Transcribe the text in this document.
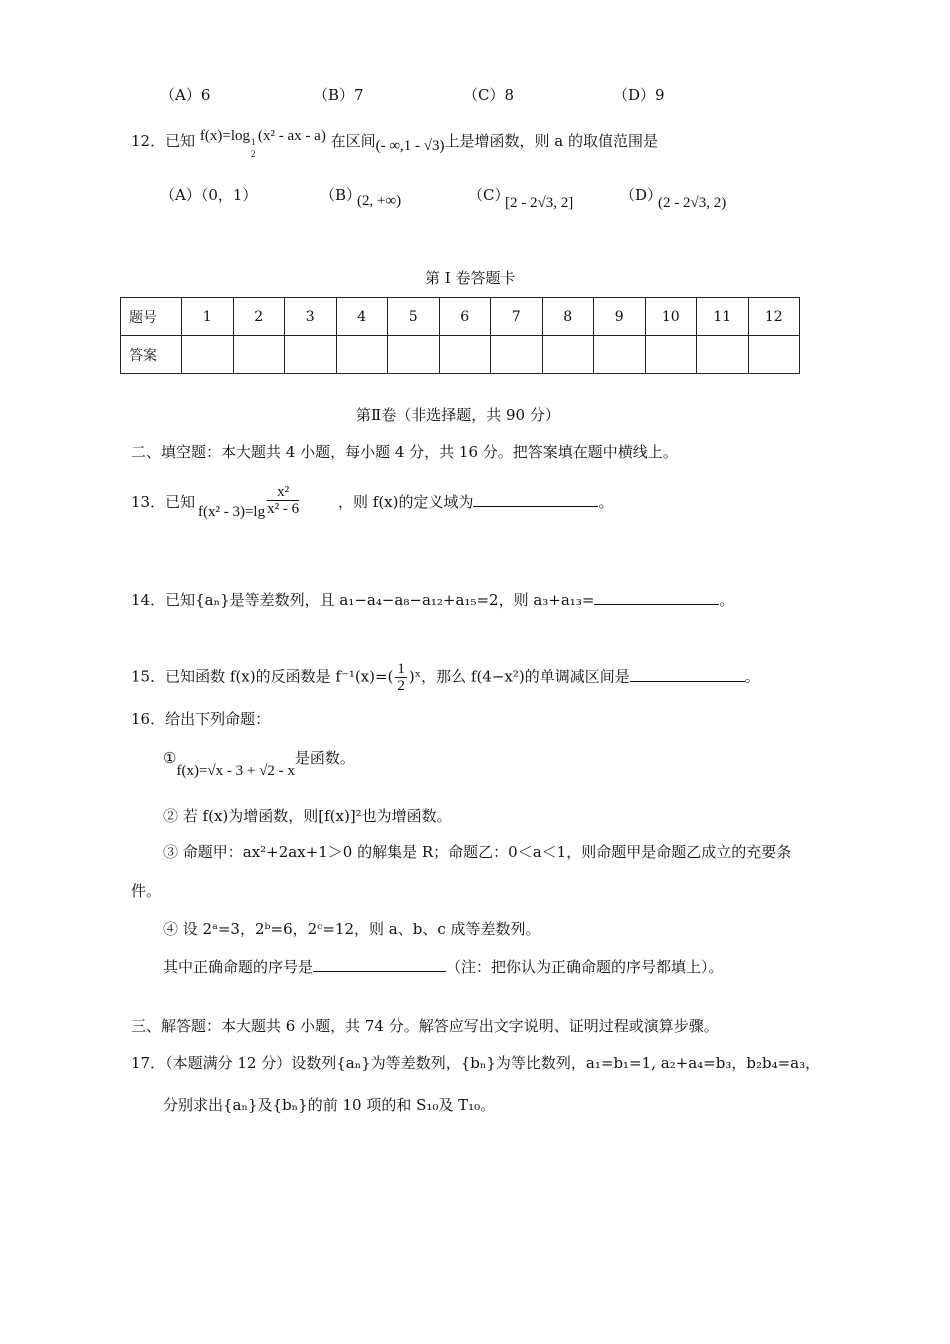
（A）6	（B）7	（C）8	（D）9
12．已知 f(x)=log 1
2
(x² - ax - a) 在区间(- ∞,1 - √3)上是增函数，则 a 的取值范围是
（A）（0，1）	（B）
(2, +∞)	（C）
[2 - 2√3, 2]	（D）
(2 - 2√3, 2)
第 I 卷答题卡
题号	1	2	3	4	5	6	7	8	9	10	11	12
答案												
第Ⅱ卷（非选择题，共 90 分）
二、填空题：本大题共 4 小题，每小题 4 分，共 16 分。把答案填在题中横线上。
13．已知
$f(x^2 - 3)=\lg \frac{\text{x²}}{\text{x² - 6}}$	，则 f(x)的定义域为	。
14．已知{aₙ}是等差数列，且 a₁−a₄−a₈−a₁₂+a₁₅=2，则 a₃+a₁₃=	。
15．已知函数 f(x)的反函数是 $f^{-1}(x)=( \frac{1}{2}$ )ˣ，那么 f(4−x²)的单调减区间是	。
16．给出下列命题：
①f(x)=√x - 3 + √2 - x是函数。
② 若 f(x)为增函数，则[f(x)]²也为增函数。
③ 命题甲：ax²+2ax+1＞0 的解集是 R；命题乙：0＜a＜1，则命题甲是命题乙成立的充要条
件。
④ 设 2ᵃ=3，2ᵇ=6，2ᶜ=12，则 a、b、c 成等差数列。
其中正确命题的序号是	（注：把你认为正确命题的序号都填上）。
三、解答题：本大题共 6 小题，共 74 分。解答应写出文字说明、证明过程或演算步骤。
17．（本题满分 12 分）设数列{aₙ}为等差数列，{bₙ}为等比数列，a₁=b₁=1, a₂+a₄=b₃，b₂b₄=a₃，
分别求出{aₙ}及{bₙ}的前 10 项的和 S₁₀及 T₁₀。
